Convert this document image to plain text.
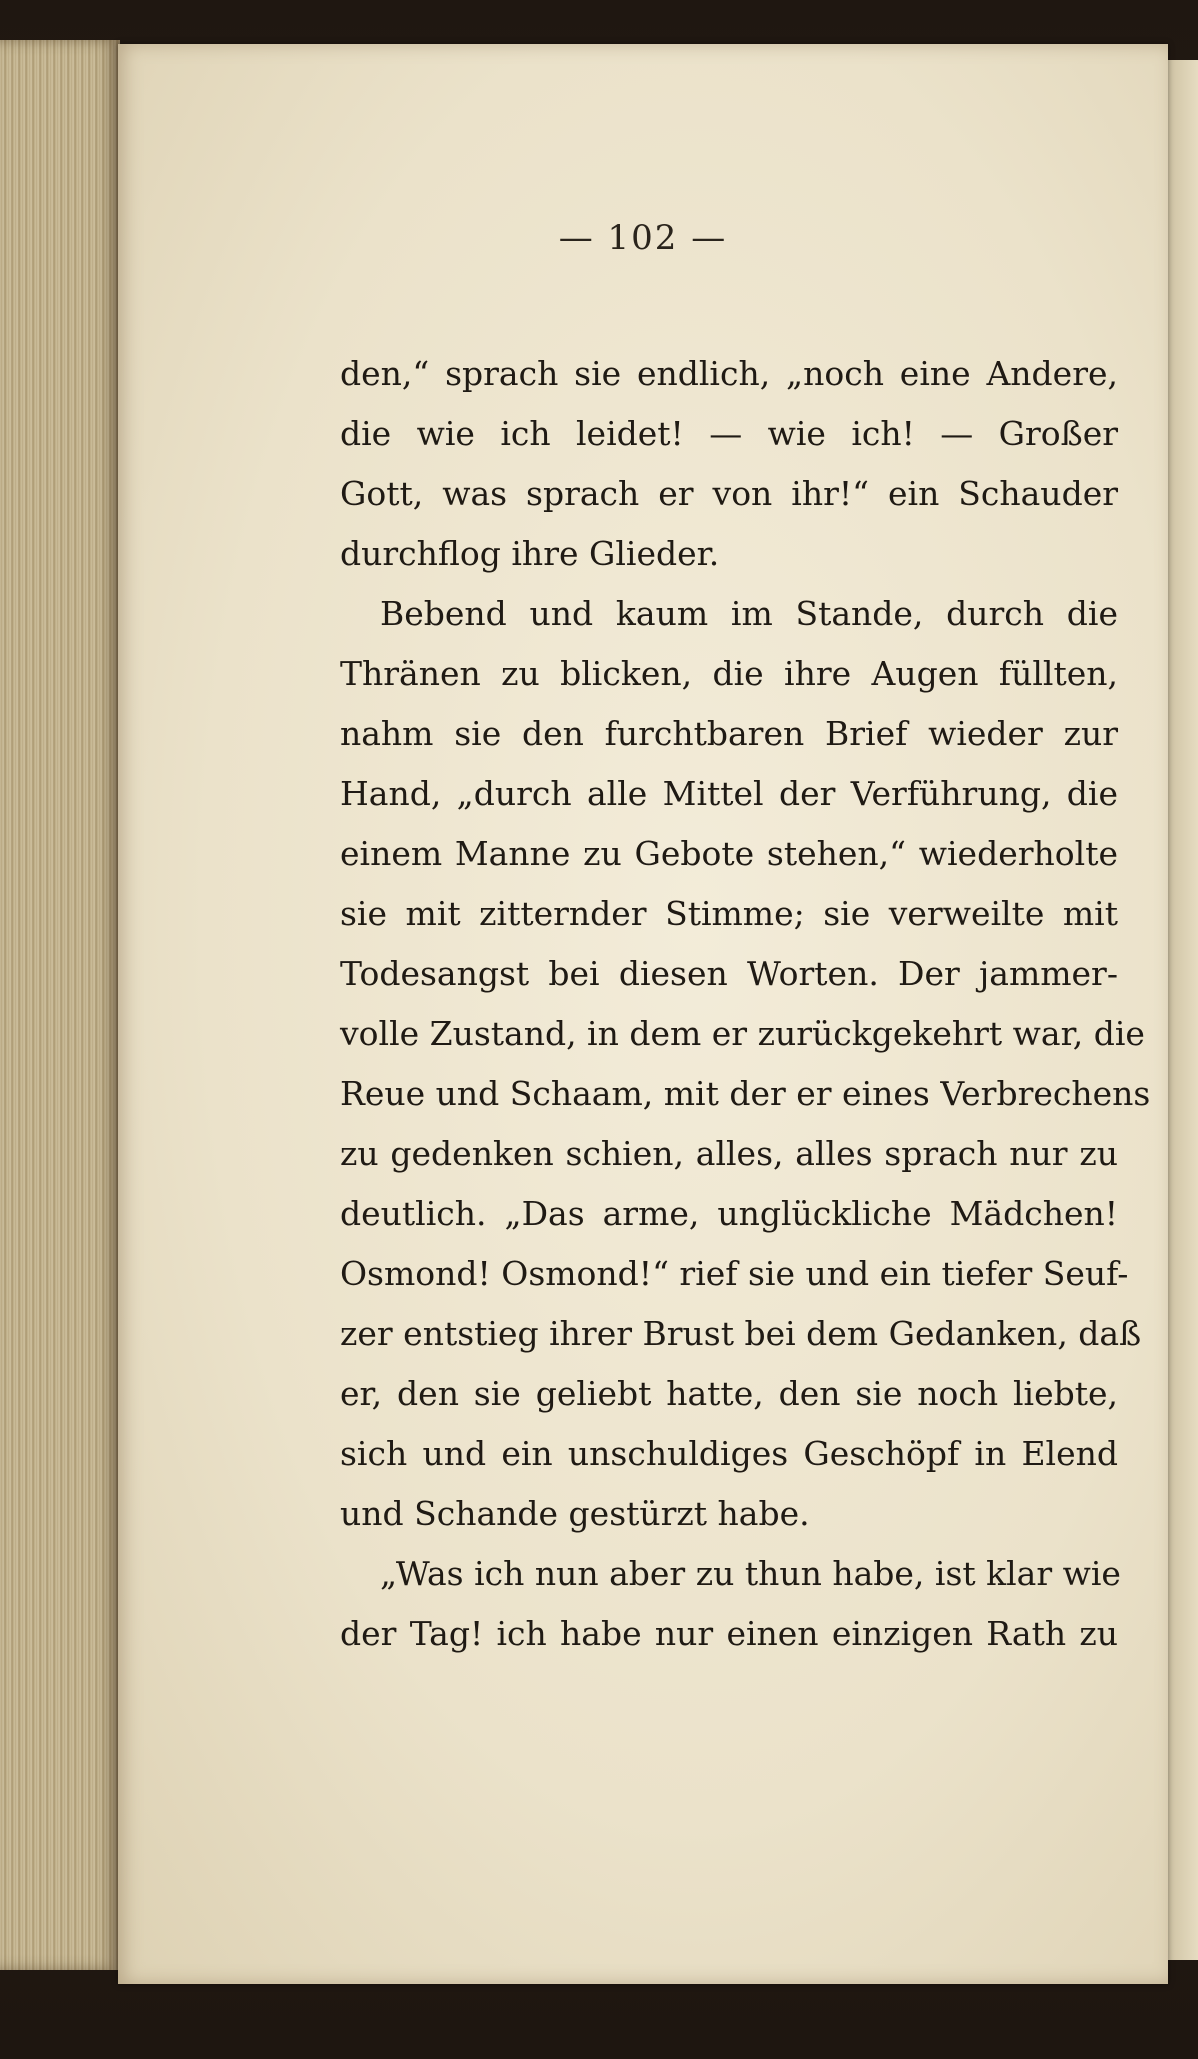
— 102 —
den,“ sprach sie endlich, „noch eine Andere,
die wie ich leidet! — wie ich! — Großer
Gott, was sprach er von ihr!“ ein Schauder
durchflog ihre Glieder.
Bebend und kaum im Stande, durch die
Thränen zu blicken, die ihre Augen füllten,
nahm sie den furchtbaren Brief wieder zur
Hand, „durch alle Mittel der Verführung, die
einem Manne zu Gebote stehen,“ wiederholte
sie mit zitternder Stimme; sie verweilte mit
Todesangst bei diesen Worten. Der jammer-
volle Zustand, in dem er zurückgekehrt war, die
Reue und Schaam, mit der er eines Verbrechens
zu gedenken schien, alles, alles sprach nur zu
deutlich. „Das arme, unglückliche Mädchen!
Osmond! Osmond!“ rief sie und ein tiefer Seuf-
zer entstieg ihrer Brust bei dem Gedanken, daß
er, den sie geliebt hatte, den sie noch liebte,
sich und ein unschuldiges Geschöpf in Elend
und Schande gestürzt habe.
„Was ich nun aber zu thun habe, ist klar wie
der Tag! ich habe nur einen einzigen Rath zu
